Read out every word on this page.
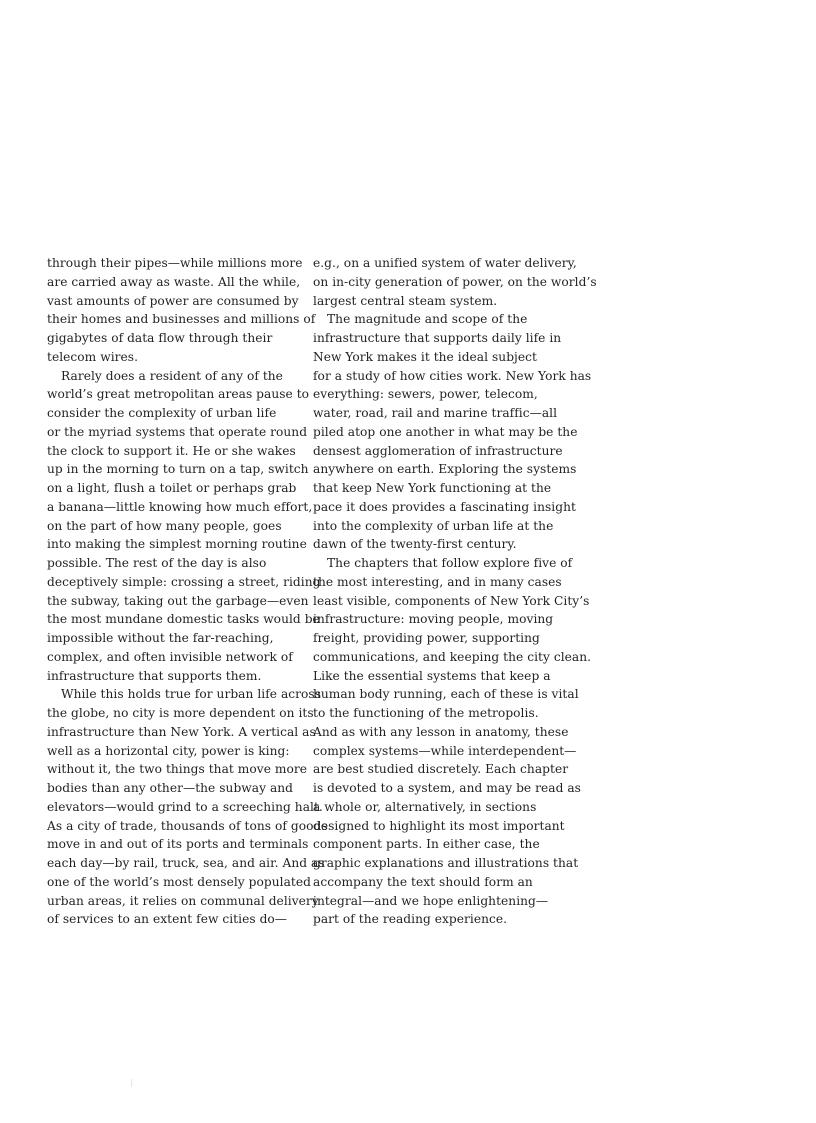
through their pipes—while millions more
are carried away as waste. All the while,
vast amounts of power are consumed by
their homes and businesses and millions of
gigabytes of data flow through their
telecom wires.
Rarely does a resident of any of the
world’s great metropolitan areas pause to
consider the complexity of urban life
or the myriad systems that operate round
the clock to support it. He or she wakes
up in the morning to turn on a tap, switch
on a light, flush a toilet or perhaps grab
a banana—little knowing how much effort,
on the part of how many people, goes
into making the simplest morning routine
possible. The rest of the day is also
deceptively simple: crossing a street, riding
the subway, taking out the garbage—even
the most mundane domestic tasks would be
impossible without the far-reaching,
complex, and often invisible network of
infrastructure that supports them.
While this holds true for urban life across
the globe, no city is more dependent on its
infrastructure than New York. A vertical as
well as a horizontal city, power is king:
without it, the two things that move more
bodies than any other—the subway and
elevators—would grind to a screeching halt.
As a city of trade, thousands of tons of goods
move in and out of its ports and terminals
each day—by rail, truck, sea, and air. And as
one of the world’s most densely populated
urban areas, it relies on communal delivery
of services to an extent few cities do—
e.g., on a unified system of water delivery,
on in-city generation of power, on the world’s
largest central steam system.
The magnitude and scope of the
infrastructure that supports daily life in
New York makes it the ideal subject
for a study of how cities work. New York has
everything: sewers, power, telecom,
water, road, rail and marine traffic—all
piled atop one another in what may be the
densest agglomeration of infrastructure
anywhere on earth. Exploring the systems
that keep New York functioning at the
pace it does provides a fascinating insight
into the complexity of urban life at the
dawn of the twenty-first century.
The chapters that follow explore five of
the most interesting, and in many cases
least visible, components of New York City’s
infrastructure: moving people, moving
freight, providing power, supporting
communications, and keeping the city clean.
Like the essential systems that keep a
human body running, each of these is vital
to the functioning of the metropolis.
And as with any lesson in anatomy, these
complex systems—while interdependent—
are best studied discretely. Each chapter
is devoted to a system, and may be read as
a whole or, alternatively, in sections
designed to highlight its most important
component parts. In either case, the
graphic explanations and illustrations that
accompany the text should form an
integral—and we hope enlightening—
part of the reading experience.
